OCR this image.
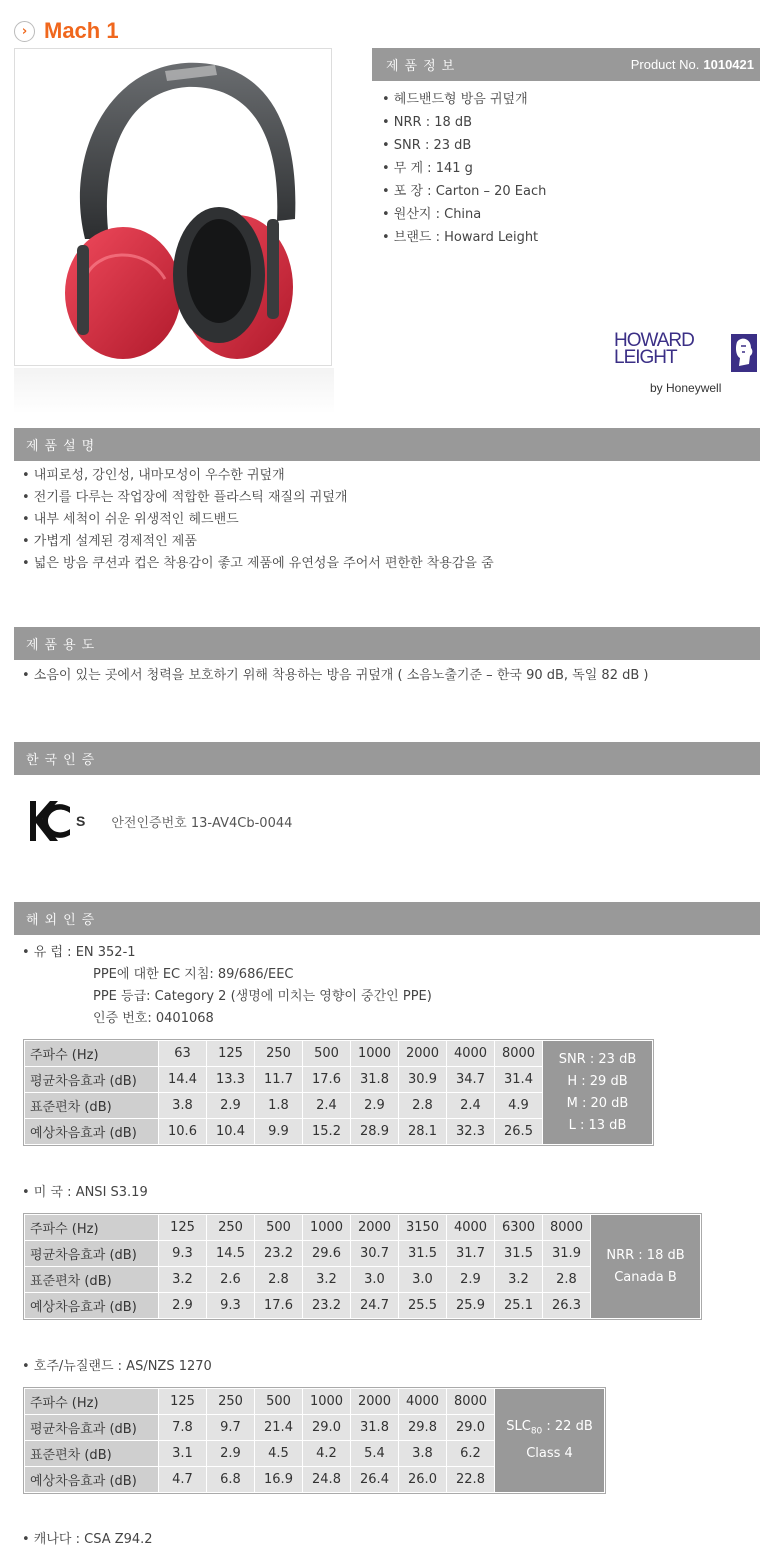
› Mach 1
제품정보	Product No. 1010421
• 헤드밴드형 방음 귀덮개
• NRR : 18 dB
• SNR : 23 dB
• 무 게 : 141 g
• 포 장 : Carton – 20 Each
• 원산지 : China
• 브랜드 : Howard Leight
HOWARD
LEIGHT
by Honeywell
제품설명
• 내피로성, 강인성, 내마모성이 우수한 귀덮개
• 전기를 다루는 작업장에 적합한 플라스틱 재질의 귀덮개
• 내부 세척이 쉬운 위생적인 헤드밴드
• 가볍게 설계된 경제적인 제품
• 넓은 방음 쿠션과 컵은 착용감이 좋고 제품에 유연성을 주어서 편한한 착용감을 줌
제품용도
• 소음이 있는 곳에서 청력을 보호하기 위해 착용하는 방음 귀덮개 ( 소음노출기준 – 한국 90 dB, 독일 82 dB )
한국인증
S 안전인증번호 13-AV4Cb-0044
해외인증
• 유 럽 : EN 352-1
PPE에 대한 EC 지침: 89/686/EEC
PPE 등급: Category 2 (생명에 미치는 영향이 중간인 PPE)
인증 번호: 0401068
주파수 (Hz)	63	125	250	500	1000	2000	4000	8000	SNR : 23 dB
H : 29 dB
M : 20 dB
L : 13 dB

평균차음효과 (dB)	14.4	13.3	11.7	17.6	31.8	30.9	34.7	31.4	
표준편차 (dB)	3.8	2.9	1.8	2.4	2.9	2.8	2.4	4.9	
예상차음효과 (dB)	10.6	10.4	9.9	15.2	28.9	28.1	32.3	26.5	
• 미 국 : ANSI S3.19
주파수 (Hz)	125	250	500	1000	2000	3150	4000	6300	8000	NRR : 18 dB
Canada B

평균차음효과 (dB)	9.3	14.5	23.2	29.6	30.7	31.5	31.7	31.5	31.9	
표준편차 (dB)	3.2	2.6	2.8	3.2	3.0	3.0	2.9	3.2	2.8	
예상차음효과 (dB)	2.9	9.3	17.6	23.2	24.7	25.5	25.9	25.1	26.3	
• 호주/뉴질랜드 : AS/NZS 1270
주파수 (Hz)	125	250	500	1000	2000	4000	8000	$SLC_{80}$ : 22 dB
Class 4

평균차음효과 (dB)	7.8	9.7	21.4	29.0	31.8	29.8	29.0	
표준편차 (dB)	3.1	2.9	4.5	4.2	5.4	3.8	6.2	
예상차음효과 (dB)	4.7	6.8	16.9	24.8	26.4	26.0	22.8	
• 캐나다 : CSA Z94.2
